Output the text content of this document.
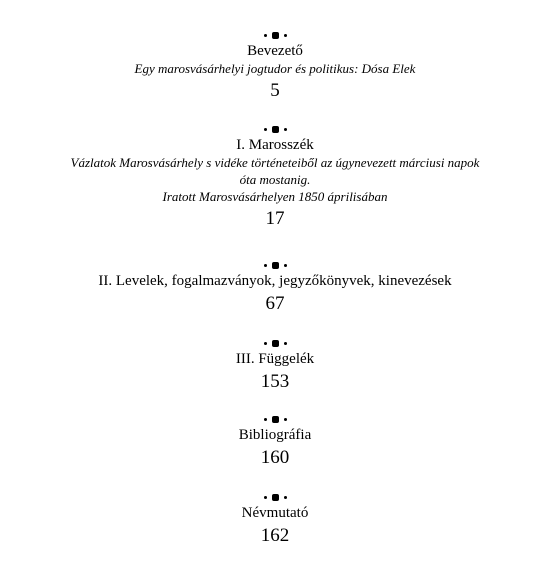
Bevezető
Egy marosvásárhelyi jogtudor és politikus: Dósa Elek
5
I. Marosszék
Vázlatok Marosvásárhely s vidéke történeteiből az úgynevezett márciusi napok
óta mostanig.
Iratott Marosvásárhelyen 1850 áprilisában
17
II. Levelek, fogalmazványok, jegyzőkönyvek, kinevezések
67
III. Függelék
153
Bibliográfia
160
Névmutató
162
